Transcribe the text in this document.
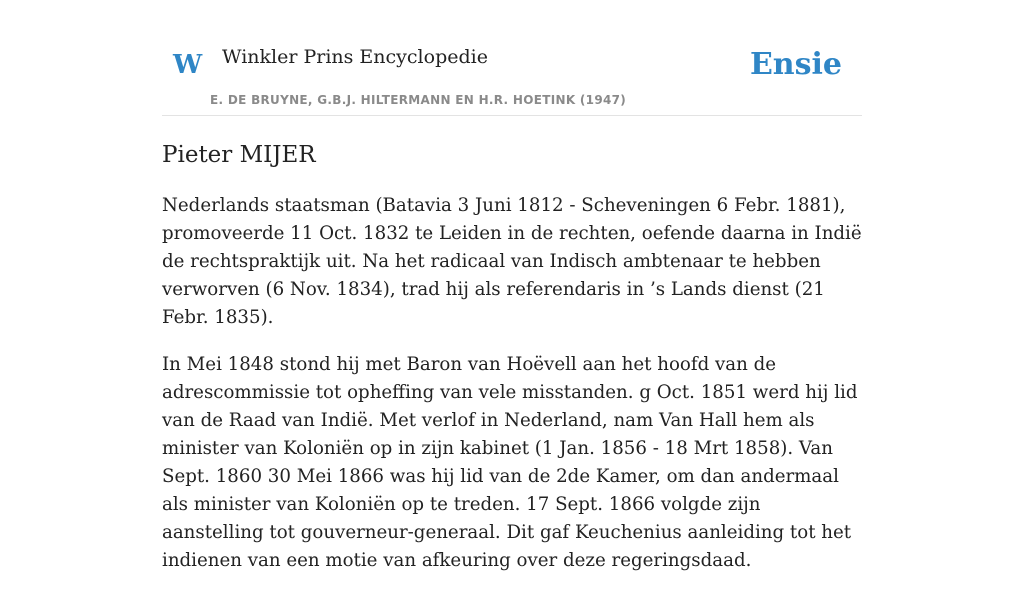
W Winkler Prins Encyclopedie
E. DE BRUYNE, G.B.J. HILTERMANN EN H.R. HOETINK (1947)
Ensie
Pieter MIJER

Nederlands staatsman (Batavia 3 Juni 1812 - Scheveningen 6 Febr. 1881), promoveerde 11 Oct. 1832 te Leiden in de rechten, oefende daarna in Indië de rechtspraktijk uit. Na het radicaal van Indisch ambtenaar te hebben verworven (6 Nov. 1834), trad hij als referendaris in ’s Lands dienst (21 Febr. 1835).

In Mei 1848 stond hij met Baron van Hoëvell aan het hoofd van de adrescommissie tot opheffing van vele misstanden. g Oct. 1851 werd hij lid van de Raad van Indië. Met verlof in Nederland, nam Van Hall hem als minister van Koloniën op in zijn kabinet (1 Jan. 1856 - 18 Mrt 1858). Van Sept. 1860 30 Mei 1866 was hij lid van de 2de Kamer, om dan andermaal als minister van Koloniën op te treden. 17 Sept. 1866 volgde zijn aanstelling tot gouverneur-generaal. Dit gaf Keuchenius aanleiding tot het indienen van een motie van afkeuring over deze regeringsdaad.
